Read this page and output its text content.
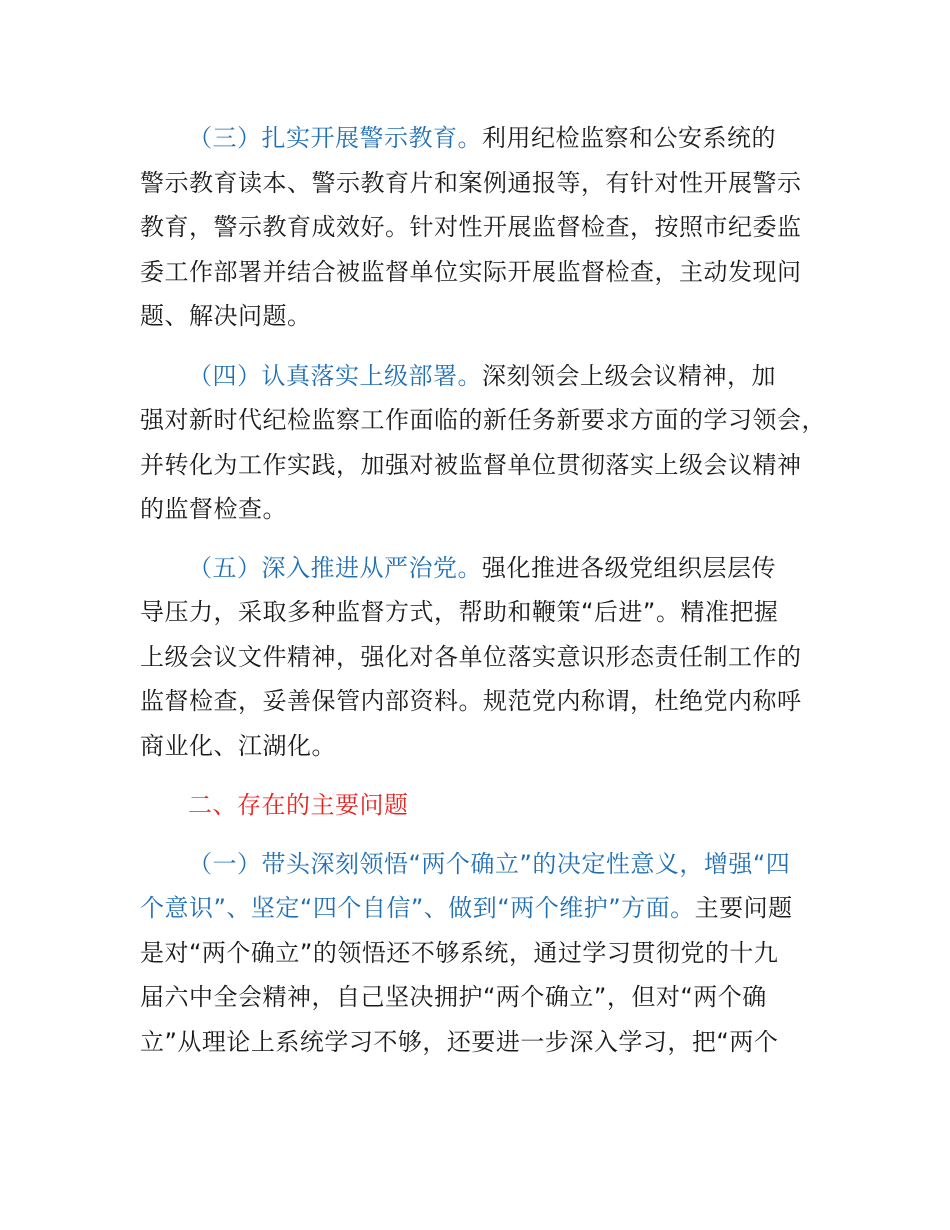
（三）扎实开展警示教育。利用纪检监察和公安系统的
警示教育读本、警示教育片和案例通报等，有针对性开展警示
教育，警示教育成效好。针对性开展监督检查，按照市纪委监
委工作部署并结合被监督单位实际开展监督检查，主动发现问
题、解决问题。
（四）认真落实上级部署。深刻领会上级会议精神，加
强对新时代纪检监察工作面临的新任务新要求方面的学习领会，
并转化为工作实践，加强对被监督单位贯彻落实上级会议精神
的监督检查。
（五）深入推进从严治党。强化推进各级党组织层层传
导压力，采取多种监督方式，帮助和鞭策“后进”。精准把握
上级会议文件精神，强化对各单位落实意识形态责任制工作的
监督检查，妥善保管内部资料。规范党内称谓，杜绝党内称呼
商业化、江湖化。
二、存在的主要问题
（一）带头深刻领悟“两个确立”的决定性意义，增强“四
个意识”、坚定“四个自信”、做到“两个维护”方面。主要问题
是对“两个确立”的领悟还不够系统，通过学习贯彻党的十九
届六中全会精神，自己坚决拥护“两个确立”，但对“两个确
立”从理论上系统学习不够，还要进一步深入学习，把“两个
